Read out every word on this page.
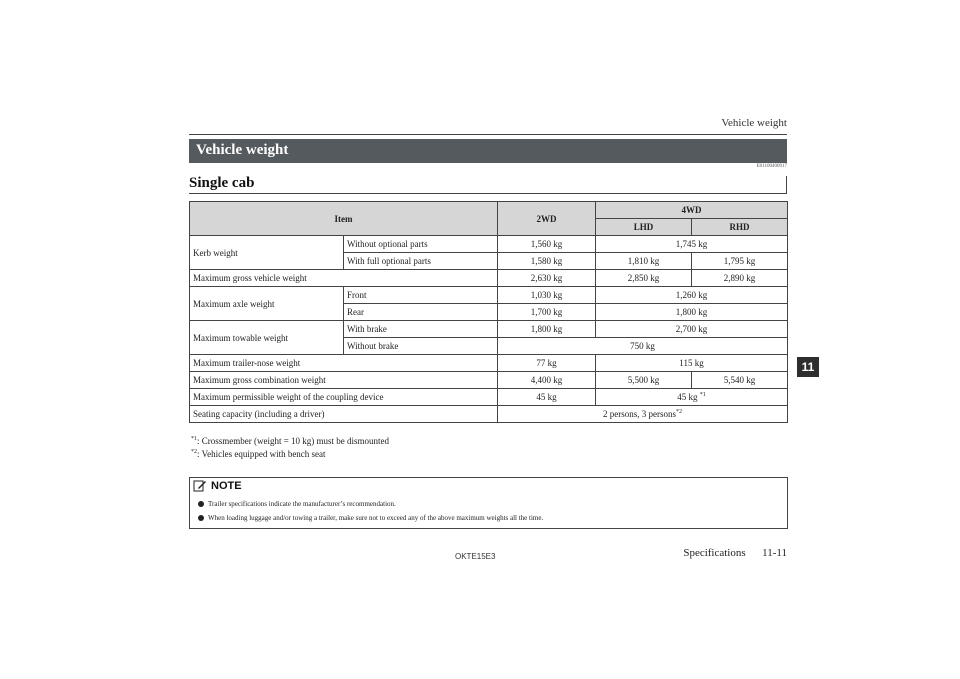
Vehicle weight
Vehicle weight
E01100400917
Single cab
Item		2WD	4WD	
			LHD	RHD
Kerb weight	Without optional parts	1,560 kg	1,745 kg	
	With full optional parts	1,580 kg	1,810 kg	1,795 kg
Maximum gross vehicle weight		2,630 kg	2,850 kg	2,890 kg
Maximum axle weight	Front	1,030 kg	1,260 kg	
	Rear	1,700 kg	1,800 kg	
Maximum towable weight	With brake	1,800 kg	2,700 kg	
	Without brake	750 kg		
Maximum trailer-nose weight		77 kg	115 kg	
Maximum gross combination weight		4,400 kg	5,500 kg	5,540 kg
Maximum permissible weight of the coupling device		45 kg	45 kg $^{*1}$
Seating capacity (including a driver)		2 persons, 3 persons$^{*2}$
$^{*1}$: Crossmember (weight = 10 kg) must be dismounted
$^{*2}$: Vehicles equipped with bench seat
NOTE
Trailer specifications indicate the manufacturer’s recommendation.
When loading luggage and/or towing a trailer, make sure not to exceed any of the above maximum weights all the time.
11
OKTE15E3	Specifications      11-11
